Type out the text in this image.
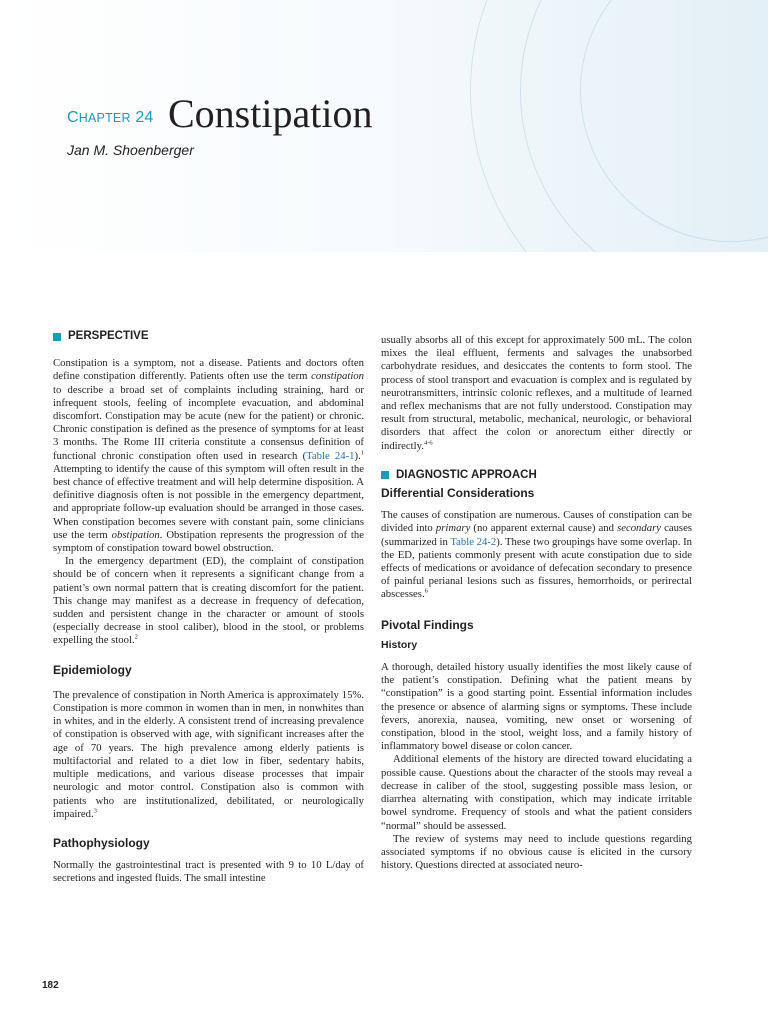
CHAPTER 24 Constipation
Jan M. Shoenberger
PERSPECTIVE

Constipation is a symptom, not a disease. Patients and doctors often define constipation differently. Patients often use the term constipation to describe a broad set of complaints including straining, hard or infrequent stools, feeling of incomplete evacuation, and abdominal discomfort. Constipation may be acute (new for the patient) or chronic. Chronic constipation is defined as the presence of symptoms for at least 3 months. The Rome III criteria constitute a consensus definition of functional chronic constipation often used in research (Table 24-1).$^1$ Attempting to identify the cause of this symptom will often result in the best chance of effective treatment and will help determine disposition. A definitive diagnosis often is not possible in the emergency department, and appropriate follow-up evaluation should be arranged in those cases. When constipation becomes severe with constant pain, some clinicians use the term obstipation. Obstipation represents the progression of the symptom of constipation toward bowel obstruction.

In the emergency department (ED), the complaint of constipation should be of concern when it represents a significant change from a patient’s own normal pattern that is creating discomfort for the patient. This change may manifest as a decrease in frequency of defecation, sudden and persistent change in the character or amount of stools (especially decrease in stool caliber), blood in the stool, or problems expelling the stool.$^2$

Epidemiology

The prevalence of constipation in North America is approximately 15%. Constipation is more common in women than in men, in nonwhites than in whites, and in the elderly. A consistent trend of increasing prevalence of constipation is observed with age, with significant increases after the age of 70 years. The high prevalence among elderly patients is multifactorial and related to a diet low in fiber, sedentary habits, multiple medications, and various disease processes that impair neurologic and motor control. Constipation also is common with patients who are institutionalized, debilitated, or neurologically impaired.$^3$

Pathophysiology

Normally the gastrointestinal tract is presented with 9 to 10 L/day of secretions and ingested fluids. The small intestine

usually absorbs all of this except for approximately 500 mL. The colon mixes the ileal effluent, ferments and salvages the unabsorbed carbohydrate residues, and desiccates the contents to form stool. The process of stool transport and evacuation is complex and is regulated by neurotransmitters, intrinsic colonic reflexes, and a multitude of learned and reflex mechanisms that are not fully understood. Constipation may result from structural, metabolic, mechanical, neurologic, or behavioral disorders that affect the colon or anorectum either directly or indirectly.$^{4-6}$

DIAGNOSTIC APPROACH
Differential Considerations

The causes of constipation are numerous. Causes of constipation can be divided into primary (no apparent external cause) and secondary causes (summarized in Table 24-2). These two groupings have some overlap. In the ED, patients commonly present with acute constipation due to side effects of medications or avoidance of defecation secondary to presence of painful perianal lesions such as fissures, hemorrhoids, or perirectal abscesses.$^6$

Pivotal Findings
History

A thorough, detailed history usually identifies the most likely cause of the patient’s constipation. Defining what the patient means by “constipation” is a good starting point. Essential information includes the presence or absence of alarming signs or symptoms. These include fevers, anorexia, nausea, vomiting, new onset or worsening of constipation, blood in the stool, weight loss, and a family history of inflammatory bowel disease or colon cancer.

Additional elements of the history are directed toward elucidating a possible cause. Questions about the character of the stools may reveal a decrease in caliber of the stool, suggesting possible mass lesion, or diarrhea alternating with constipation, which may indicate irritable bowel syndrome. Frequency of stools and what the patient considers “normal” should be assessed.

The review of systems may need to include questions regarding associated symptoms if no obvious cause is elicited in the cursory history. Questions directed at associated neuro-

182
